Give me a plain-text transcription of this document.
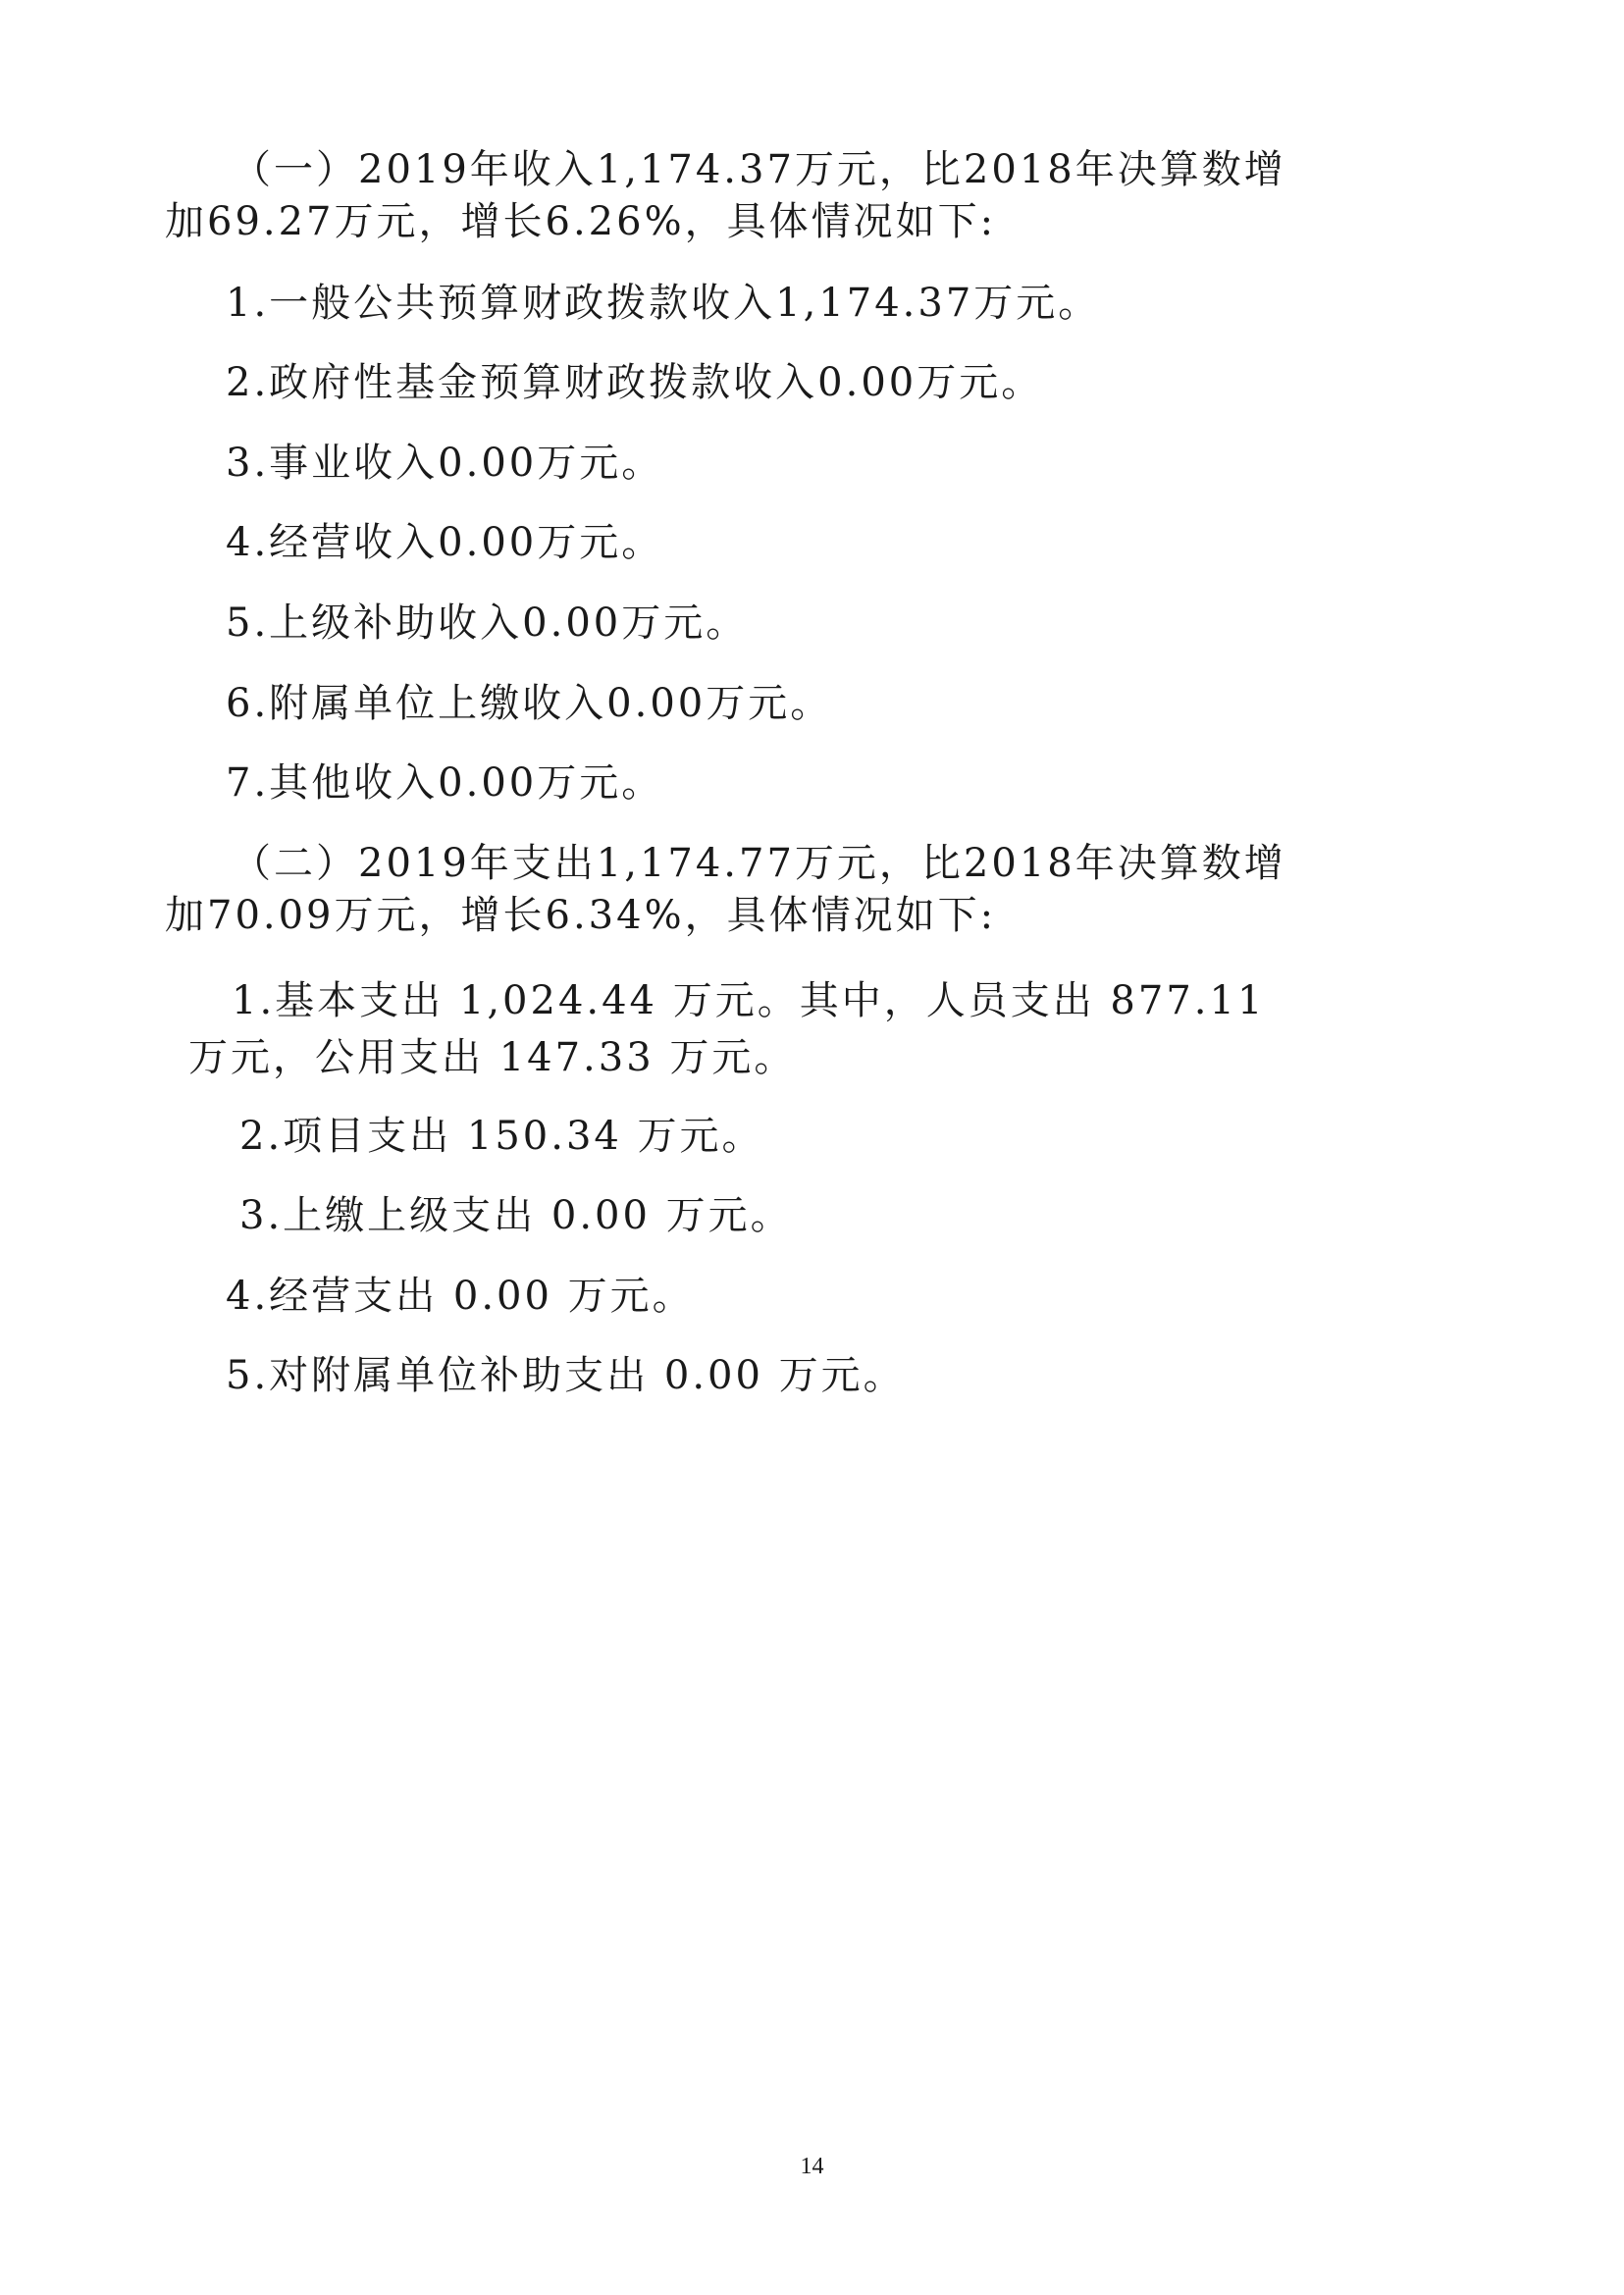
（一）2019年收入1,174.37万元，比2018年决算数增
加69.27万元，增长6.26%，具体情况如下:
1.一般公共预算财政拨款收入1,174.37万元。
2.政府性基金预算财政拨款收入0.00万元。
3.事业收入0.00万元。
4.经营收入0.00万元。
5.上级补助收入0.00万元。
6.附属单位上缴收入0.00万元。
7.其他收入0.00万元。
（二）2019年支出1,174.77万元，比2018年决算数增
加70.09万元，增长6.34%，具体情况如下:
1.基本支出 1,024.44 万元。其中，人员支出 877.11
万元，公用支出 147.33 万元。
2.项目支出 150.34 万元。
3.上缴上级支出 0.00 万元。
4.经营支出 0.00 万元。
5.对附属单位补助支出 0.00 万元。
14
